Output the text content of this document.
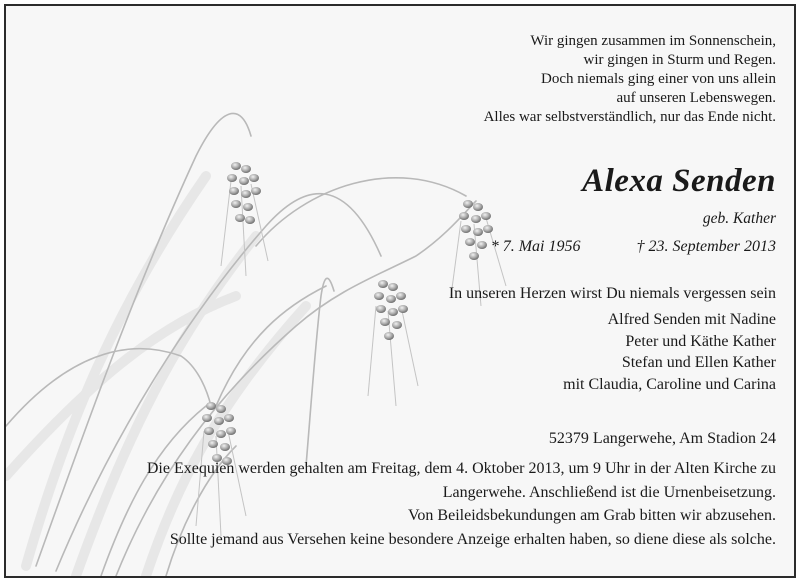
Wir gingen zusammen im Sonnenschein,
wir gingen in Sturm und Regen.
Doch niemals ging einer von uns allein
auf unseren Lebenswegen.
Alles war selbstverständlich, nur das Ende nicht.
Alexa Senden
geb. Kather
* 7. Mai 1956	† 23. September 2013
In unseren Herzen wirst Du niemals vergessen sein
Alfred Senden mit Nadine
Peter und Käthe Kather
Stefan und Ellen Kather
mit Claudia, Caroline und Carina
52379 Langerwehe, Am Stadion 24
Die Exequien werden gehalten am Freitag, dem 4. Oktober 2013, um 9 Uhr in der Alten Kirche zu
Langerwehe. Anschließend ist die Urnenbeisetzung.
Von Beileidsbekundungen am Grab bitten wir abzusehen.
Sollte jemand aus Versehen keine besondere Anzeige erhalten haben, so diene diese als solche.
